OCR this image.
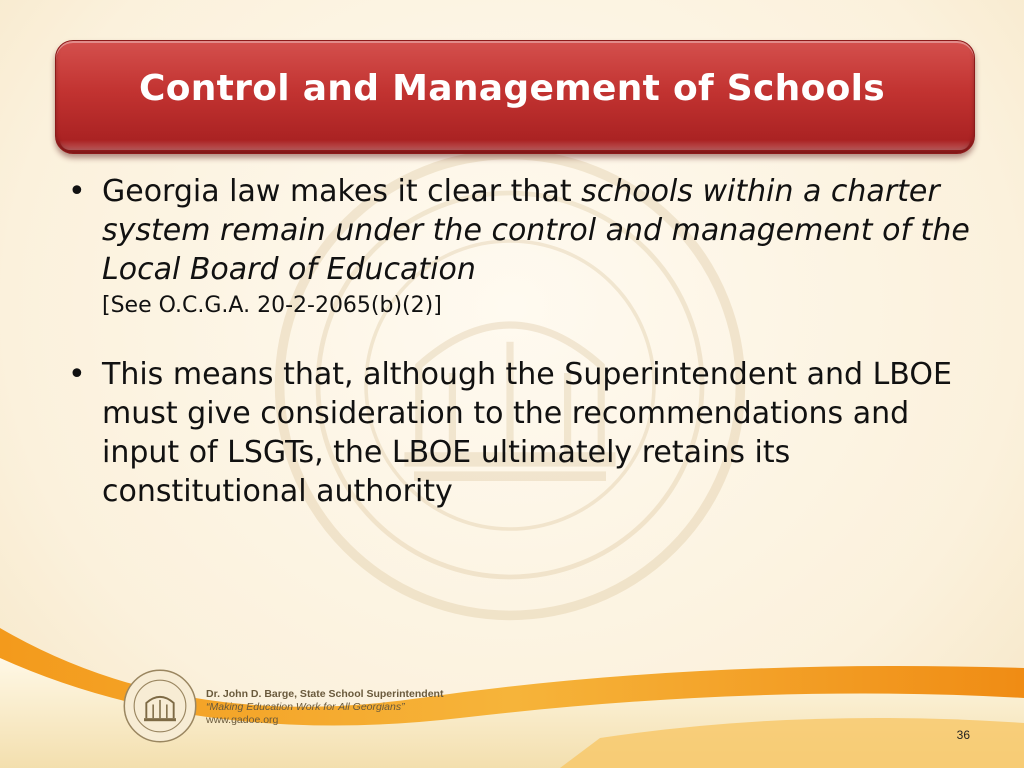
Control and Management of Schools
• Georgia law makes it clear that schools within a charter system remain under the control and management of the Local Board of Education
[See O.C.G.A. 20-2-2065(b)(2)]
• This means that, although the Superintendent and LBOE must give consideration to the recommendations and input of LSGTs, the LBOE ultimately retains its constitutional authority
Dr. John D. Barge, State School Superintendent
“Making Education Work for All Georgians”
www.gadoe.org
36
